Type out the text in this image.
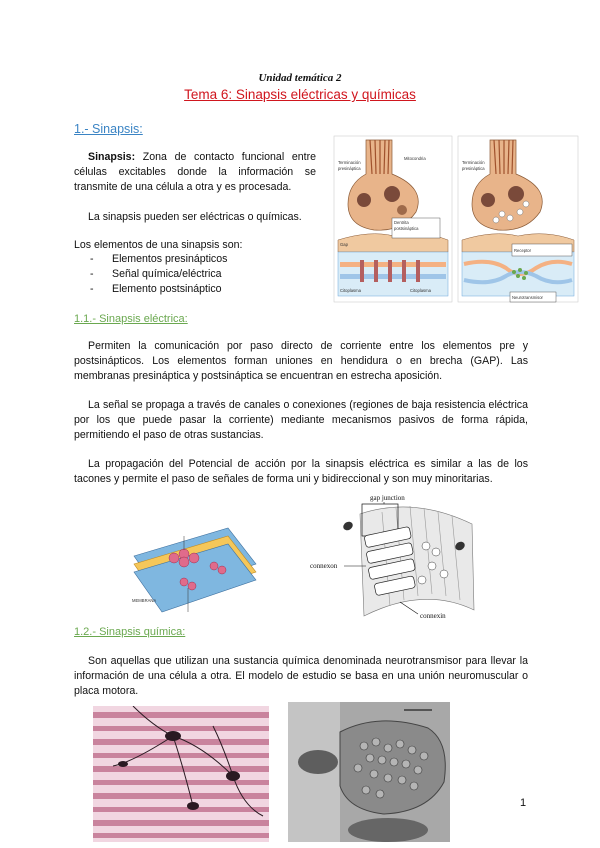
Unidad temática 2
Tema 6: Sinapsis eléctricas y químicas
1.- Sinapsis:
Sinapsis: Zona de contacto funcional entre
células excitables donde la información se
transmite de una célula a otra y es procesada.
La sinapsis pueden ser eléctricas o químicas.
Los elementos de una sinapsis son:
- Elementos presinápticos
- Señal química/eléctrica
- Elemento postsináptico
Dentrita
postsináptica
Gap
Citoplasma	Citoplasma
Terminación
presináptica
Mitocondria
Receptor
Neurotransmisor
Terminación
presináptica
1.1.- Sinapsis eléctrica:
Permiten la comunicación por paso directo de corriente entre los elementos pre y postsinápticos. Los elementos forman uniones en hendidura o en brecha (GAP). Las membranas presináptica y postsináptica se encuentran en estrecha aposición.
La señal se propaga a través de canales o conexiones (regiones de baja resistencia eléctrica por los que puede pasar la corriente) mediante mecanismos pasivos de forma rápida, permitiendo el paso de otras sustancias.
La propagación del Potencial de acción por la sinapsis eléctrica es similar a las de los tacones y permite el paso de señales de forma uni y bidireccional y son muy minoritarias.
MEMBRANA
gap junction
connexon
connexin
1.2.- Sinapsis química:
Son aquellas que utilizan una sustancia química denominada neurotransmisor para llevar la información de una célula a otra. El modelo de estudio se basa en una unión neuromuscular o placa motora.
1
